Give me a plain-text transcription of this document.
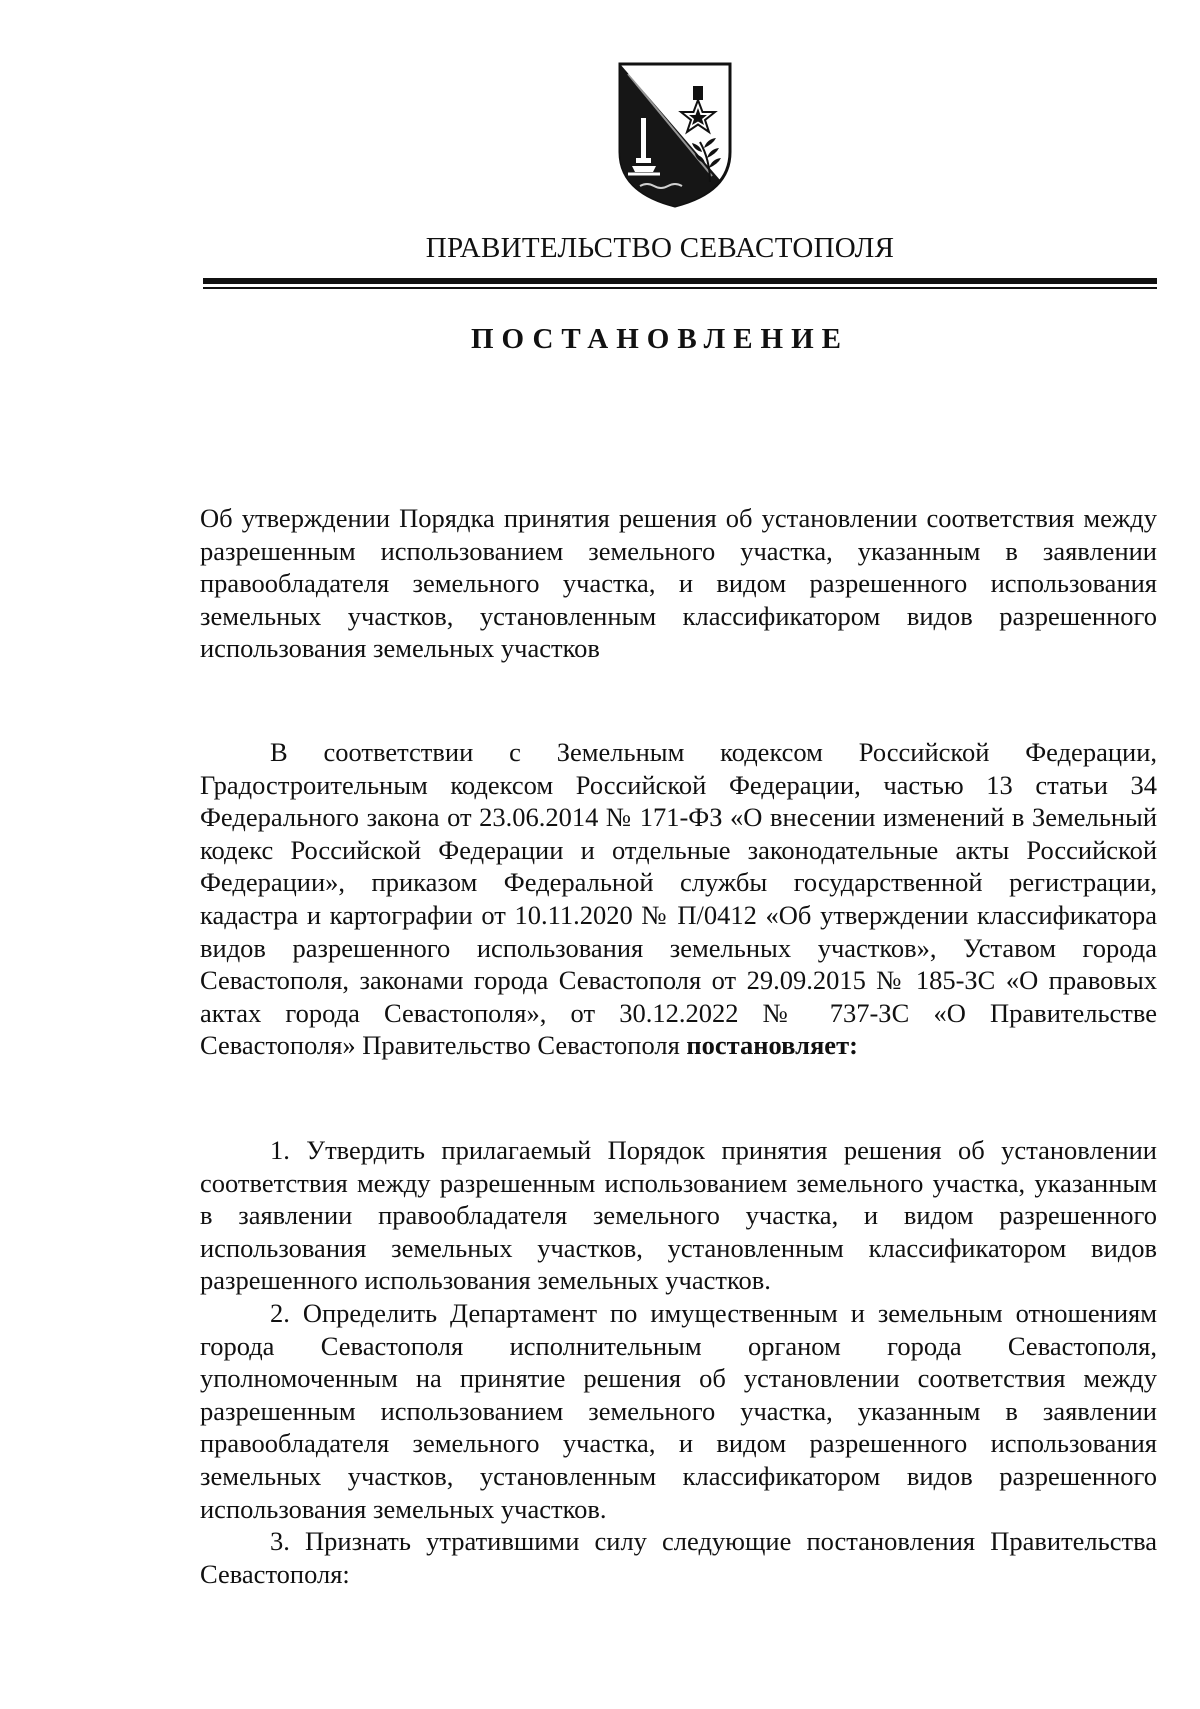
ПРАВИТЕЛЬСТВО СЕВАСТОПОЛЯ
ПОСТАНОВЛЕНИЕ

Об утверждении Порядка принятия решения об установлении соответствия между разрешенным использованием земельного участка, указанным в заявлении правообладателя земельного участка, и видом разрешенного использования земельных участков, установленным классификатором видов разрешенного использования земельных участков

В соответствии с Земельным кодексом Российской Федерации, Градостроительным кодексом Российской Федерации, частью 13 статьи 34 Федерального закона от 23.06.2014 № 171-ФЗ «О внесении изменений в Земельный кодекс Российской Федерации и отдельные законодательные акты Российской Федерации», приказом Федеральной службы государственной регистрации, кадастра и картографии от 10.11.2020 № П/0412 «Об утверждении классификатора видов разрешенного использования земельных участков», Уставом города Севастополя, законами города Севастополя от 29.09.2015 № 185-ЗС «О правовых актах города Севастополя», от 30.12.2022 № 737-ЗС «О Правительстве Севастополя» Правительство Севастополя постановляет:

1. Утвердить прилагаемый Порядок принятия решения об установлении соответствия между разрешенным использованием земельного участка, указанным в заявлении правообладателя земельного участка, и видом разрешенного использования земельных участков, установленным классификатором видов разрешенного использования земельных участков.

2. Определить Департамент по имущественным и земельным отношениям города Севастополя исполнительным органом города Севастополя, уполномоченным на принятие решения об установлении соответствия между разрешенным использованием земельного участка, указанным в заявлении правообладателя земельного участка, и видом разрешенного использования земельных участков, установленным классификатором видов разрешенного использования земельных участков.

3. Признать утратившими силу следующие постановления Правительства Севастополя:
